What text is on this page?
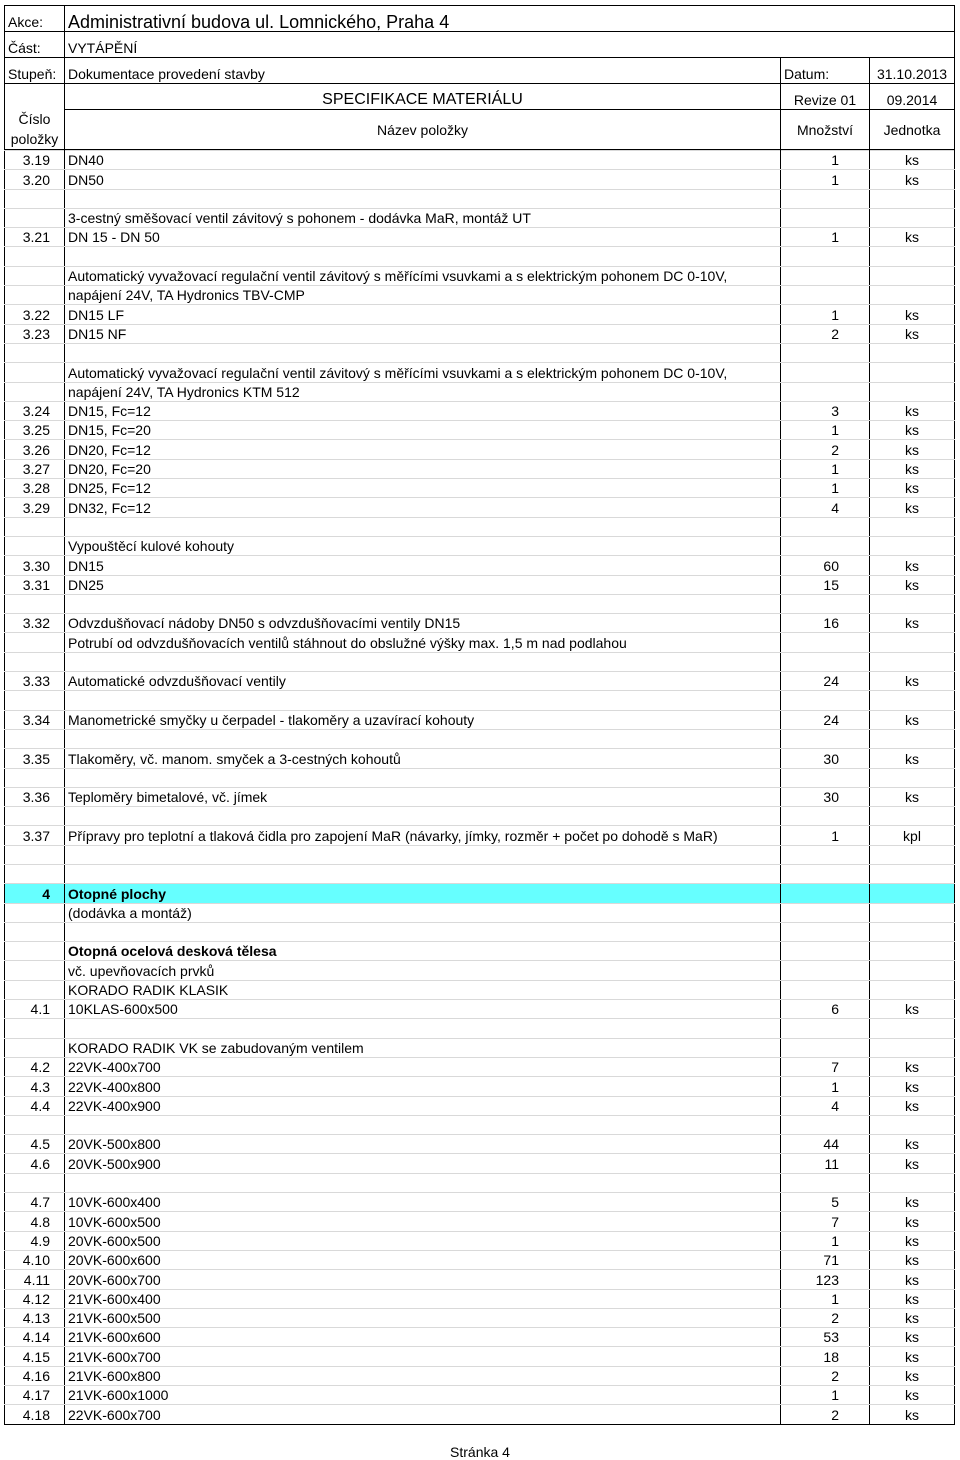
Akce:	Administrativní budova ul. Lomnického, Praha 4		
Část:	VYTÁPĚNÍ		
Stupeň:	Dokumentace provedení stavby	Datum:	31.10.2013
Číslo položky	SPECIFIKACE MATERIÁLU	Revize 01	09.2014
	Název položky	Množství	Jednotka
3.19	DN40	1	ks
3.20	DN50	1	ks

	3-cestný směšovací ventil závitový s pohonem - dodávka MaR, montáž UT		
3.21	DN 15 - DN 50	1	ks

	Automatický vyvažovací regulační ventil závitový s měřícími vsuvkami a s elektrickým pohonem DC 0-10V,		
	napájení 24V, TA Hydronics TBV-CMP		
3.22	DN15 LF	1	ks
3.23	DN15 NF	2	ks

	Automatický vyvažovací regulační ventil závitový s měřícími vsuvkami a s elektrickým pohonem DC 0-10V,		
	napájení 24V, TA Hydronics KTM 512		
3.24	DN15, Fc=12	3	ks
3.25	DN15, Fc=20	1	ks
3.26	DN20, Fc=12	2	ks
3.27	DN20, Fc=20	1	ks
3.28	DN25, Fc=12	1	ks
3.29	DN32, Fc=12	4	ks

	Vypouštěcí kulové kohouty		
3.30	DN15	60	ks
3.31	DN25	15	ks

3.32	Odvzdušňovací nádoby DN50 s odvzdušňovacími ventily DN15	16	ks
	Potrubí od odvzdušňovacích ventilů stáhnout do obslužné výšky max. 1,5 m nad podlahou		

3.33	Automatické odvzdušňovací ventily	24	ks

3.34	Manometrické smyčky u čerpadel - tlakoměry a uzavírací kohouty	24	ks

3.35	Tlakoměry, vč. manom. smyček a 3-cestných kohoutů	30	ks

3.36	Teploměry bimetalové, vč. jímek	30	ks

3.37	Přípravy pro teplotní a tlaková čidla pro zapojení MaR (návarky, jímky, rozměr + počet po dohodě s MaR)	1	kpl

4	Otopné plochy		
	(dodávka a montáž)		

	Otopná ocelová desková tělesa		
	vč. upevňovacích prvků		
	KORADO RADIK KLASIK		
4.1	10KLAS-600x500	6	ks

	KORADO RADIK VK se zabudovaným ventilem		
4.2	22VK-400x700	7	ks
4.3	22VK-400x800	1	ks
4.4	22VK-400x900	4	ks

4.5	20VK-500x800	44	ks
4.6	20VK-500x900	11	ks

4.7	10VK-600x400	5	ks
4.8	10VK-600x500	7	ks
4.9	20VK-600x500	1	ks
4.10	20VK-600x600	71	ks
4.11	20VK-600x700	123	ks
4.12	21VK-600x400	1	ks
4.13	21VK-600x500	2	ks
4.14	21VK-600x600	53	ks
4.15	21VK-600x700	18	ks
4.16	21VK-600x800	2	ks
4.17	21VK-600x1000	1	ks
4.18	22VK-600x700	2	ks
Stránka 4
